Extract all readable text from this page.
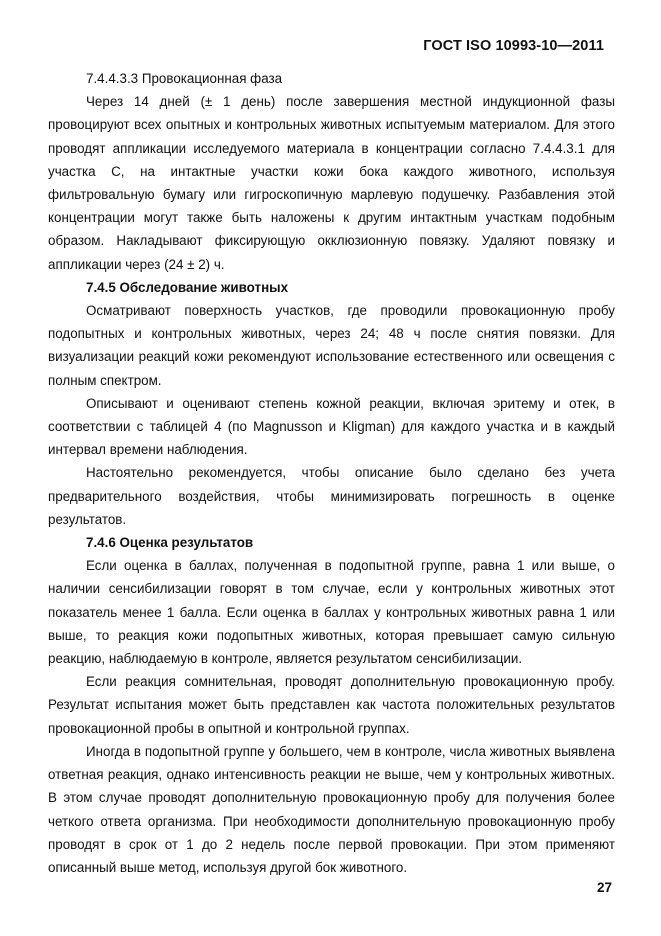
ГОСТ ISO 10993-10—2011

7.4.4.3.3 Провокационная фаза

Через 14 дней (± 1 день) после завершения местной индукционной фазы провоцируют всех опытных и контрольных животных испытуемым материалом. Для этого проводят аппликации исследуемого материала в концентрации согласно 7.4.4.3.1 для участка C, на интактные участки кожи бока каждого животного, используя фильтровальную бумагу или гигроскопичную марлевую подушечку. Разбавления этой концентрации могут также быть наложены к другим интактным участкам подобным образом. Накладывают фиксирующую окклюзионную повязку. Удаляют повязку и аппликации через (24 ± 2) ч.

7.4.5 Обследование животных

Осматривают поверхность участков, где проводили провокационную пробу подопытных и контрольных животных, через 24; 48 ч после снятия повязки. Для визуализации реакций кожи рекомендуют использование естественного или освещения с полным спектром.

Описывают и оценивают степень кожной реакции, включая эритему и отек, в соответствии с таблицей 4 (по Magnusson и Kligman) для каждого участка и в каждый интервал времени наблюдения.

Настоятельно рекомендуется, чтобы описание было сделано без учета предварительного воздействия, чтобы минимизировать погрешность в оценке результатов.

7.4.6 Оценка результатов

Если оценка в баллах, полученная в подопытной группе, равна 1 или выше, о наличии сенсибилизации говорят в том случае, если у контрольных животных этот показатель менее 1 балла. Если оценка в баллах у контрольных животных равна 1 или выше, то реакция кожи подопытных животных, которая превышает самую сильную реакцию, наблюдаемую в контроле, является результатом сенсибилизации.

Если реакция сомнительная, проводят дополнительную провокационную пробу. Результат испытания может быть представлен как частота положительных результатов провокационной пробы в опытной и контрольной группах.

Иногда в подопытной группе у большего, чем в контроле, числа животных выявлена ответная реакция, однако интенсивность реакции не выше, чем у контрольных животных. В этом случае проводят дополнительную провокационную пробу для получения более четкого ответа организма. При необходимости дополнительную провокационную пробу проводят в срок от 1 до 2 недель после первой провокации. При этом применяют описанный выше метод, используя другой бок животного.

27
